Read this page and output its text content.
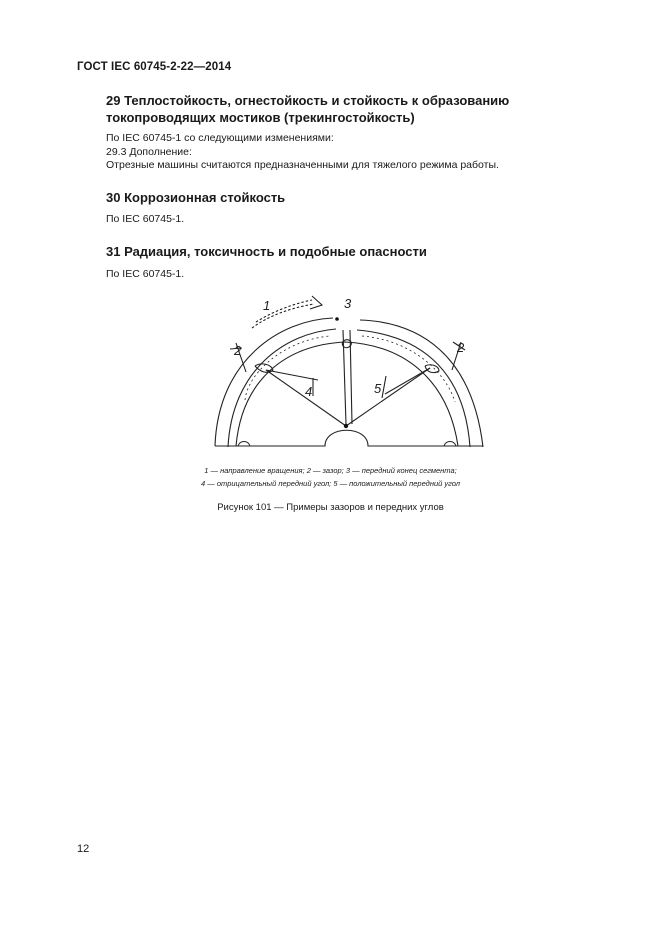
ГОСТ IEC 60745-2-22—2014
29 Теплостойкость, огнестойкость и стойкость к образованию
токопроводящих мостиков (трекингостойкость)
По IEC 60745-1 со следующими изменениями:
29.3 Дополнение:
Отрезные машины считаются предназначенными для тяжелого режима работы.
30 Коррозионная стойкость
По IEC 60745-1.
31 Радиация, токсичность и подобные опасности
По IEC 60745-1.
1
2	2
3
4	5
1 — направление вращения; 2 — зазор; 3 — передний конец сегмента;
4 — отрицательный передний угол; 5 — положительный передний угол
Рисунок 101 — Примеры зазоров и передних углов
12
